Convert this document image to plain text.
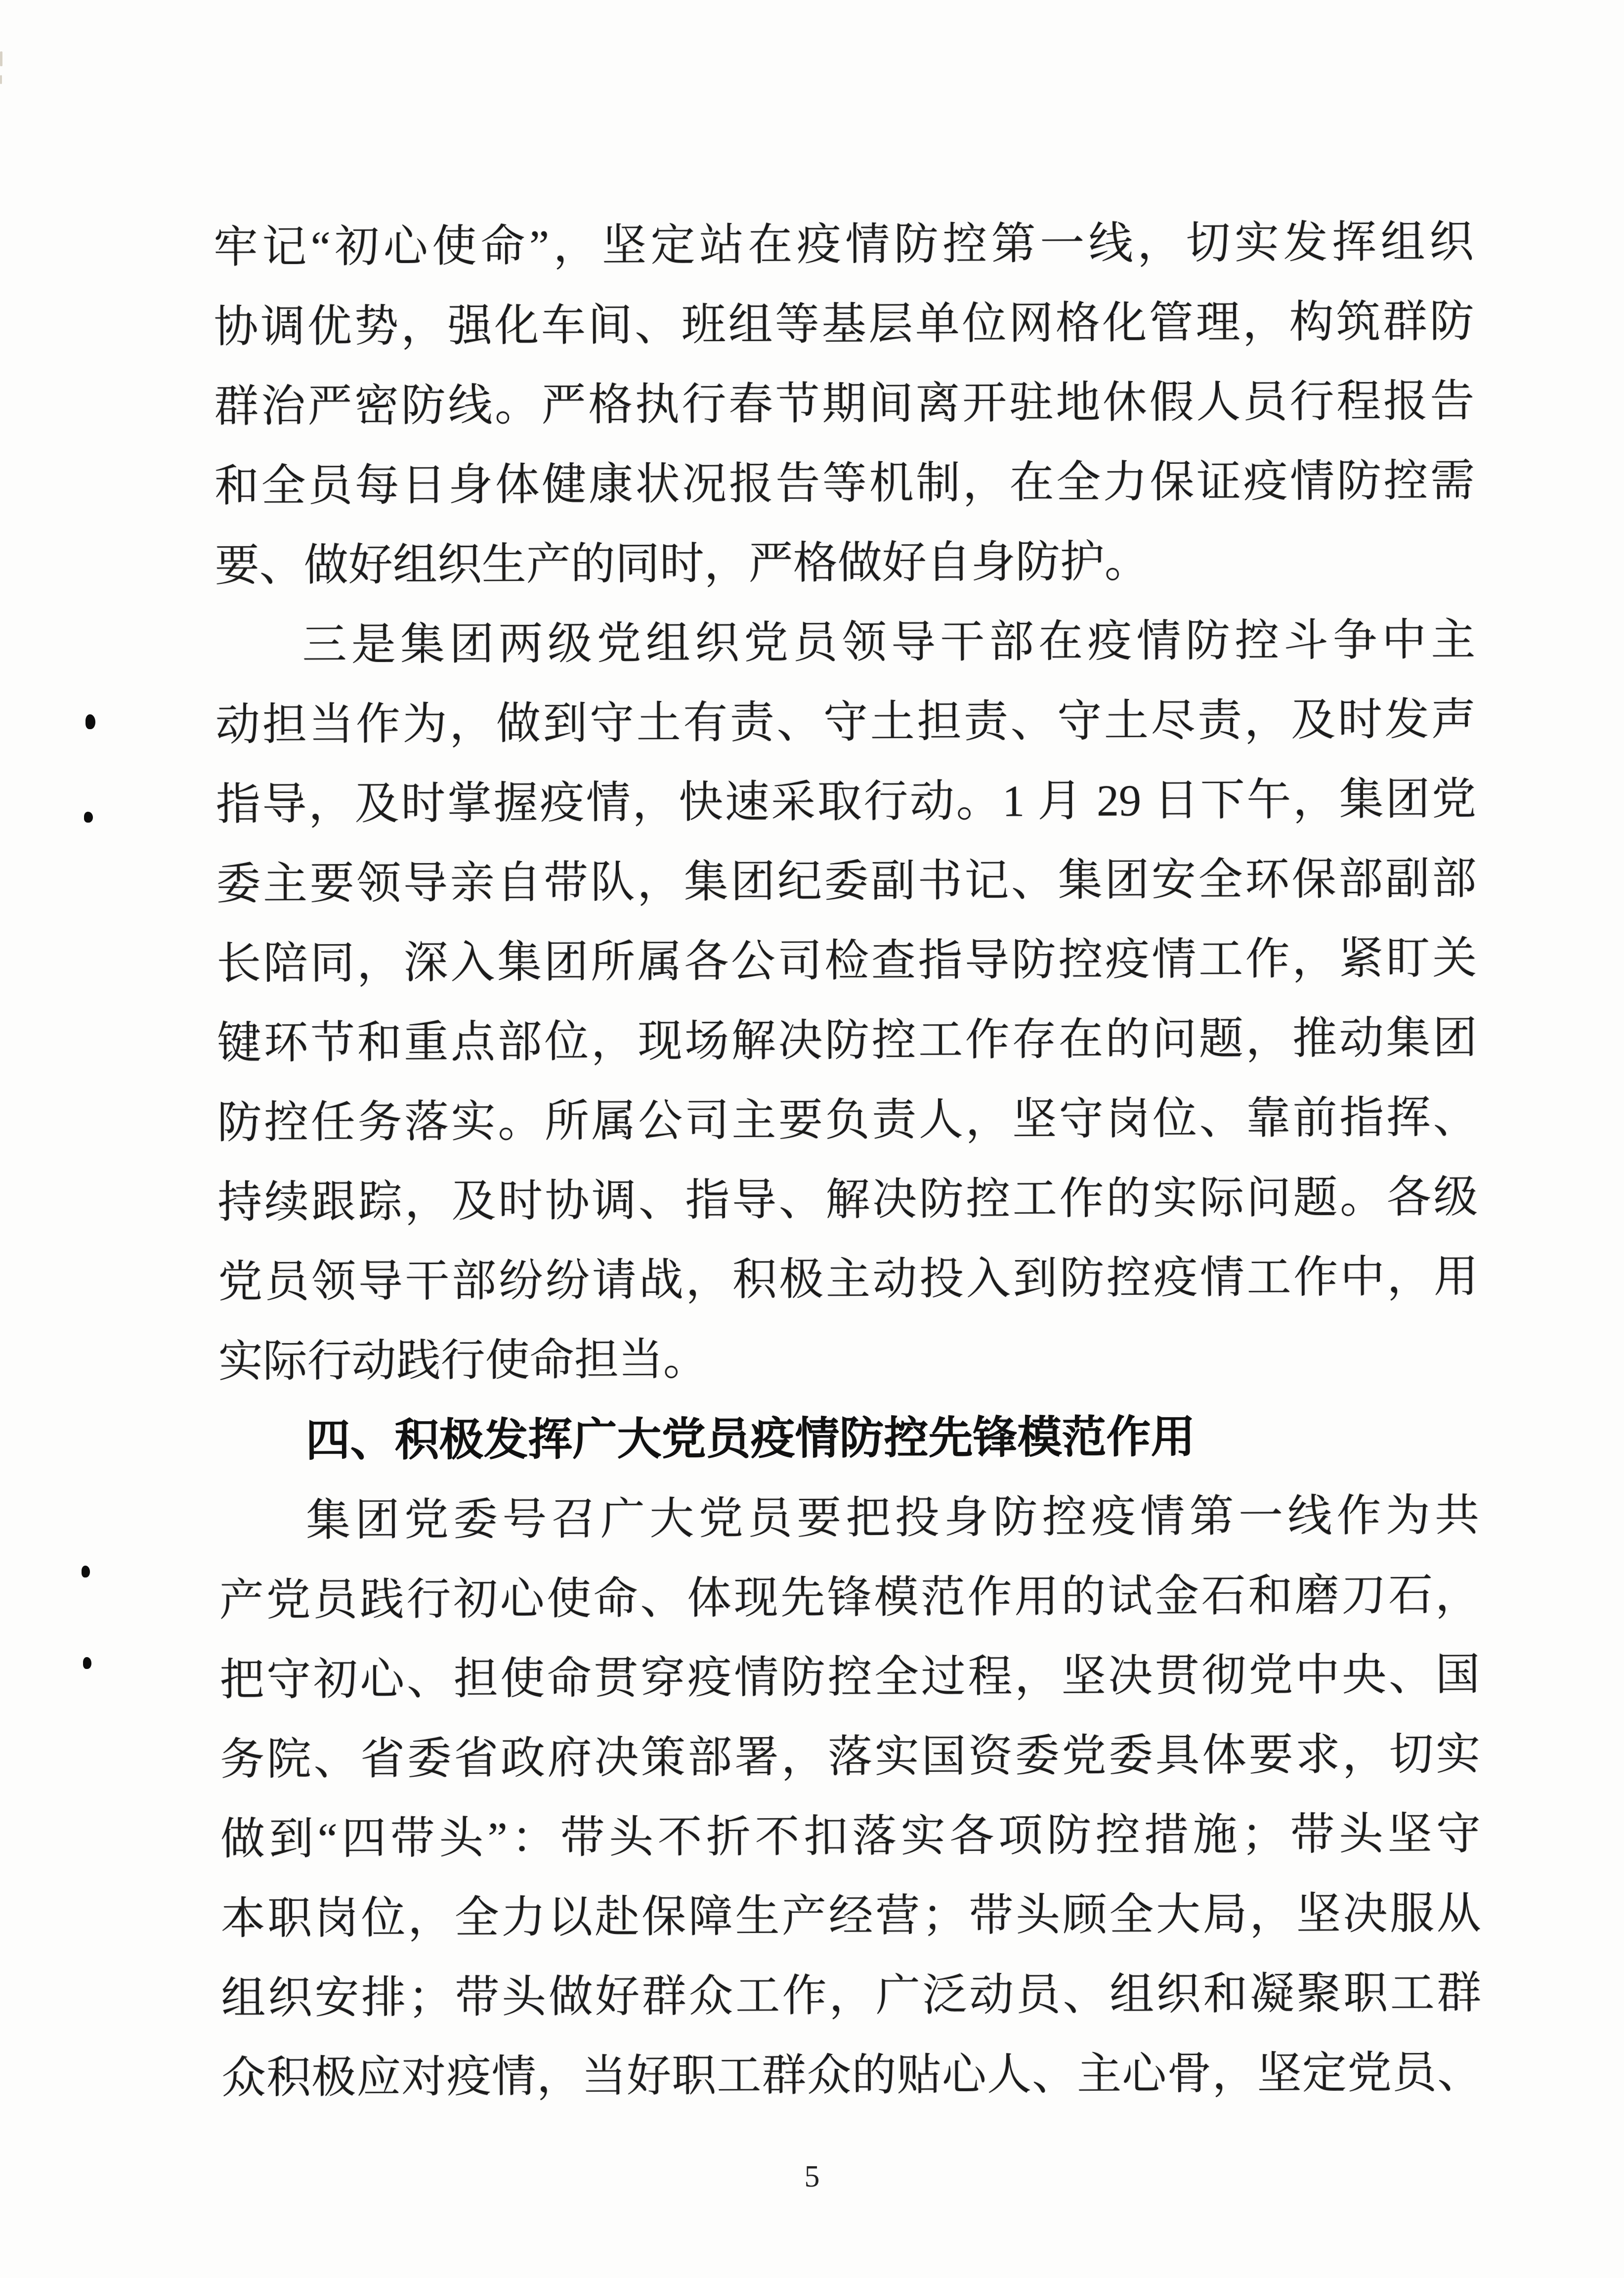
牢记“初心使命”，坚定站在疫情防控第一线，切实发挥组织
协调优势，强化车间、班组等基层单位网格化管理，构筑群防
群治严密防线。严格执行春节期间离开驻地休假人员行程报告
和全员每日身体健康状况报告等机制，在全力保证疫情防控需
要、做好组织生产的同时，严格做好自身防护。
三是集团两级党组织党员领导干部在疫情防控斗争中主
动担当作为，做到守土有责、守土担责、守土尽责，及时发声
指导，及时掌握疫情，快速采取行动。1 月 29 日下午，集团党
委主要领导亲自带队，集团纪委副书记、集团安全环保部副部
长陪同，深入集团所属各公司检查指导防控疫情工作，紧盯关
键环节和重点部位，现场解决防控工作存在的问题，推动集团
防控任务落实。所属公司主要负责人，坚守岗位、靠前指挥、
持续跟踪，及时协调、指导、解决防控工作的实际问题。各级
党员领导干部纷纷请战，积极主动投入到防控疫情工作中，用
实际行动践行使命担当。
四、积极发挥广大党员疫情防控先锋模范作用
集团党委号召广大党员要把投身防控疫情第一线作为共
产党员践行初心使命、体现先锋模范作用的试金石和磨刀石，
把守初心、担使命贯穿疫情防控全过程，坚决贯彻党中央、国
务院、省委省政府决策部署，落实国资委党委具体要求，切实
做到“四带头”：带头不折不扣落实各项防控措施；带头坚守
本职岗位，全力以赴保障生产经营；带头顾全大局，坚决服从
组织安排；带头做好群众工作，广泛动员、组织和凝聚职工群
众积极应对疫情，当好职工群众的贴心人、主心骨，坚定党员、
5
